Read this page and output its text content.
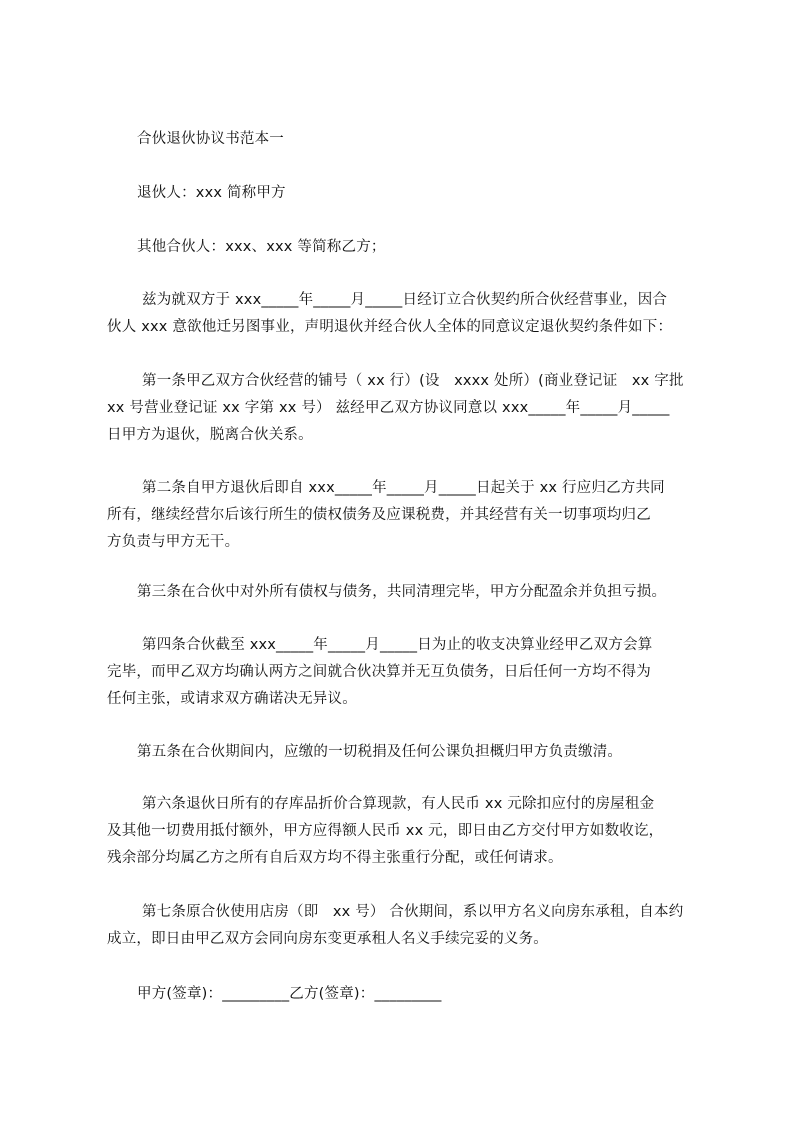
合伙退伙协议书范本一

退伙人：xxx 简称甲方

其他合伙人：xxx、xxx 等简称乙方；

兹为就双方于 xxx_____年_____月_____日经订立合伙契约所合伙经营事业，因合

伙人 xxx 意欲他迁另图事业，声明退伙并经合伙人全体的同意议定退伙契约条件如下：

第一条甲乙双方合伙经营的铺号（ xx 行）(设   xxxx 处所）(商业登记证   xx 字批

xx 号营业登记证 xx 字第 xx 号） 兹经甲乙双方协议同意以 xxx_____年_____月_____

日甲方为退伙，脱离合伙关系。

第二条自甲方退伙后即自 xxx_____年_____月_____日起关于 xx 行应归乙方共同

所有，继续经营尔后该行所生的债权债务及应课税费，并其经营有关一切事项均归乙

方负责与甲方无干。

第三条在合伙中对外所有债权与债务，共同清理完毕，甲方分配盈余并负担亏损。

第四条合伙截至 xxx_____年_____月_____日为止的收支决算业经甲乙双方会算

完毕，而甲乙双方均确认两方之间就合伙决算并无互负债务，日后任何一方均不得为

任何主张，或请求双方确诺决无异议。

第五条在合伙期间内，应缴的一切税捐及任何公课负担概归甲方负责缴清。

第六条退伙日所有的存库品折价合算现款，有人民币 xx 元除扣应付的房屋租金

及其他一切费用抵付额外，甲方应得额人民币 xx 元，即日由乙方交付甲方如数收讫，

残余部分均属乙方之所有自后双方均不得主张重行分配，或任何请求。

第七条原合伙使用店房（即   xx 号） 合伙期间，系以甲方名义向房东承租，自本约

成立，即日由甲乙双方会同向房东变更承租人名义手续完妥的义务。

甲方(签章)：_________乙方(签章)：_________
